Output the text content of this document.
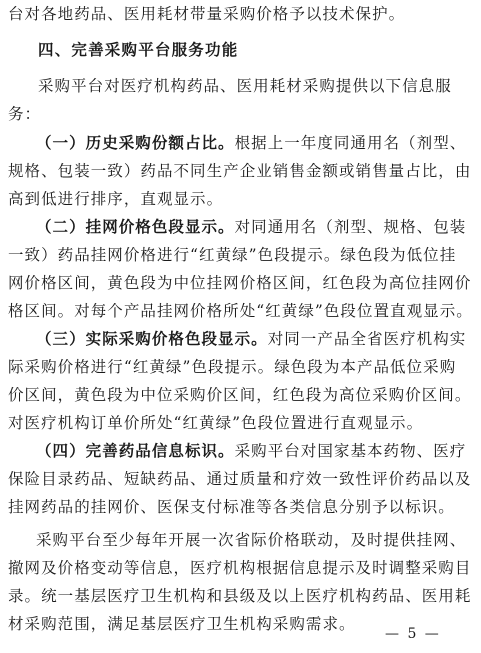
台对各地药品、医用耗材带量采购价格予以技术保护。
四、完善采购平台服务功能
采购平台对医疗机构药品、医用耗材采购提供以下信息服
务：
（一）历史采购份额占比。根据上一年度同通用名（剂型、
规格、包装一致）药品不同生产企业销售金额或销售量占比，由
高到低进行排序，直观显示。
（二）挂网价格色段显示。对同通用名（剂型、规格、包装
一致）药品挂网价格进行“红黄绿”色段提示。绿色段为低位挂
网价格区间，黄色段为中位挂网价格区间，红色段为高位挂网价
格区间。对每个产品挂网价格所处“红黄绿”色段位置直观显示。
（三）实际采购价格色段显示。对同一产品全省医疗机构实
际采购价格进行“红黄绿”色段提示。绿色段为本产品低位采购
价区间，黄色段为中位采购价区间，红色段为高位采购价区间。
对医疗机构订单价所处“红黄绿”色段位置进行直观显示。
（四）完善药品信息标识。采购平台对国家基本药物、医疗
保险目录药品、短缺药品、通过质量和疗效一致性评价药品以及
挂网药品的挂网价、医保支付标准等各类信息分别予以标识。
采购平台至少每年开展一次省际价格联动，及时提供挂网、
撤网及价格变动等信息，医疗机构根据信息提示及时调整采购目
录。统一基层医疗卫生机构和县级及以上医疗机构药品、医用耗
材采购范围，满足基层医疗卫生机构采购需求。
— 5 —
